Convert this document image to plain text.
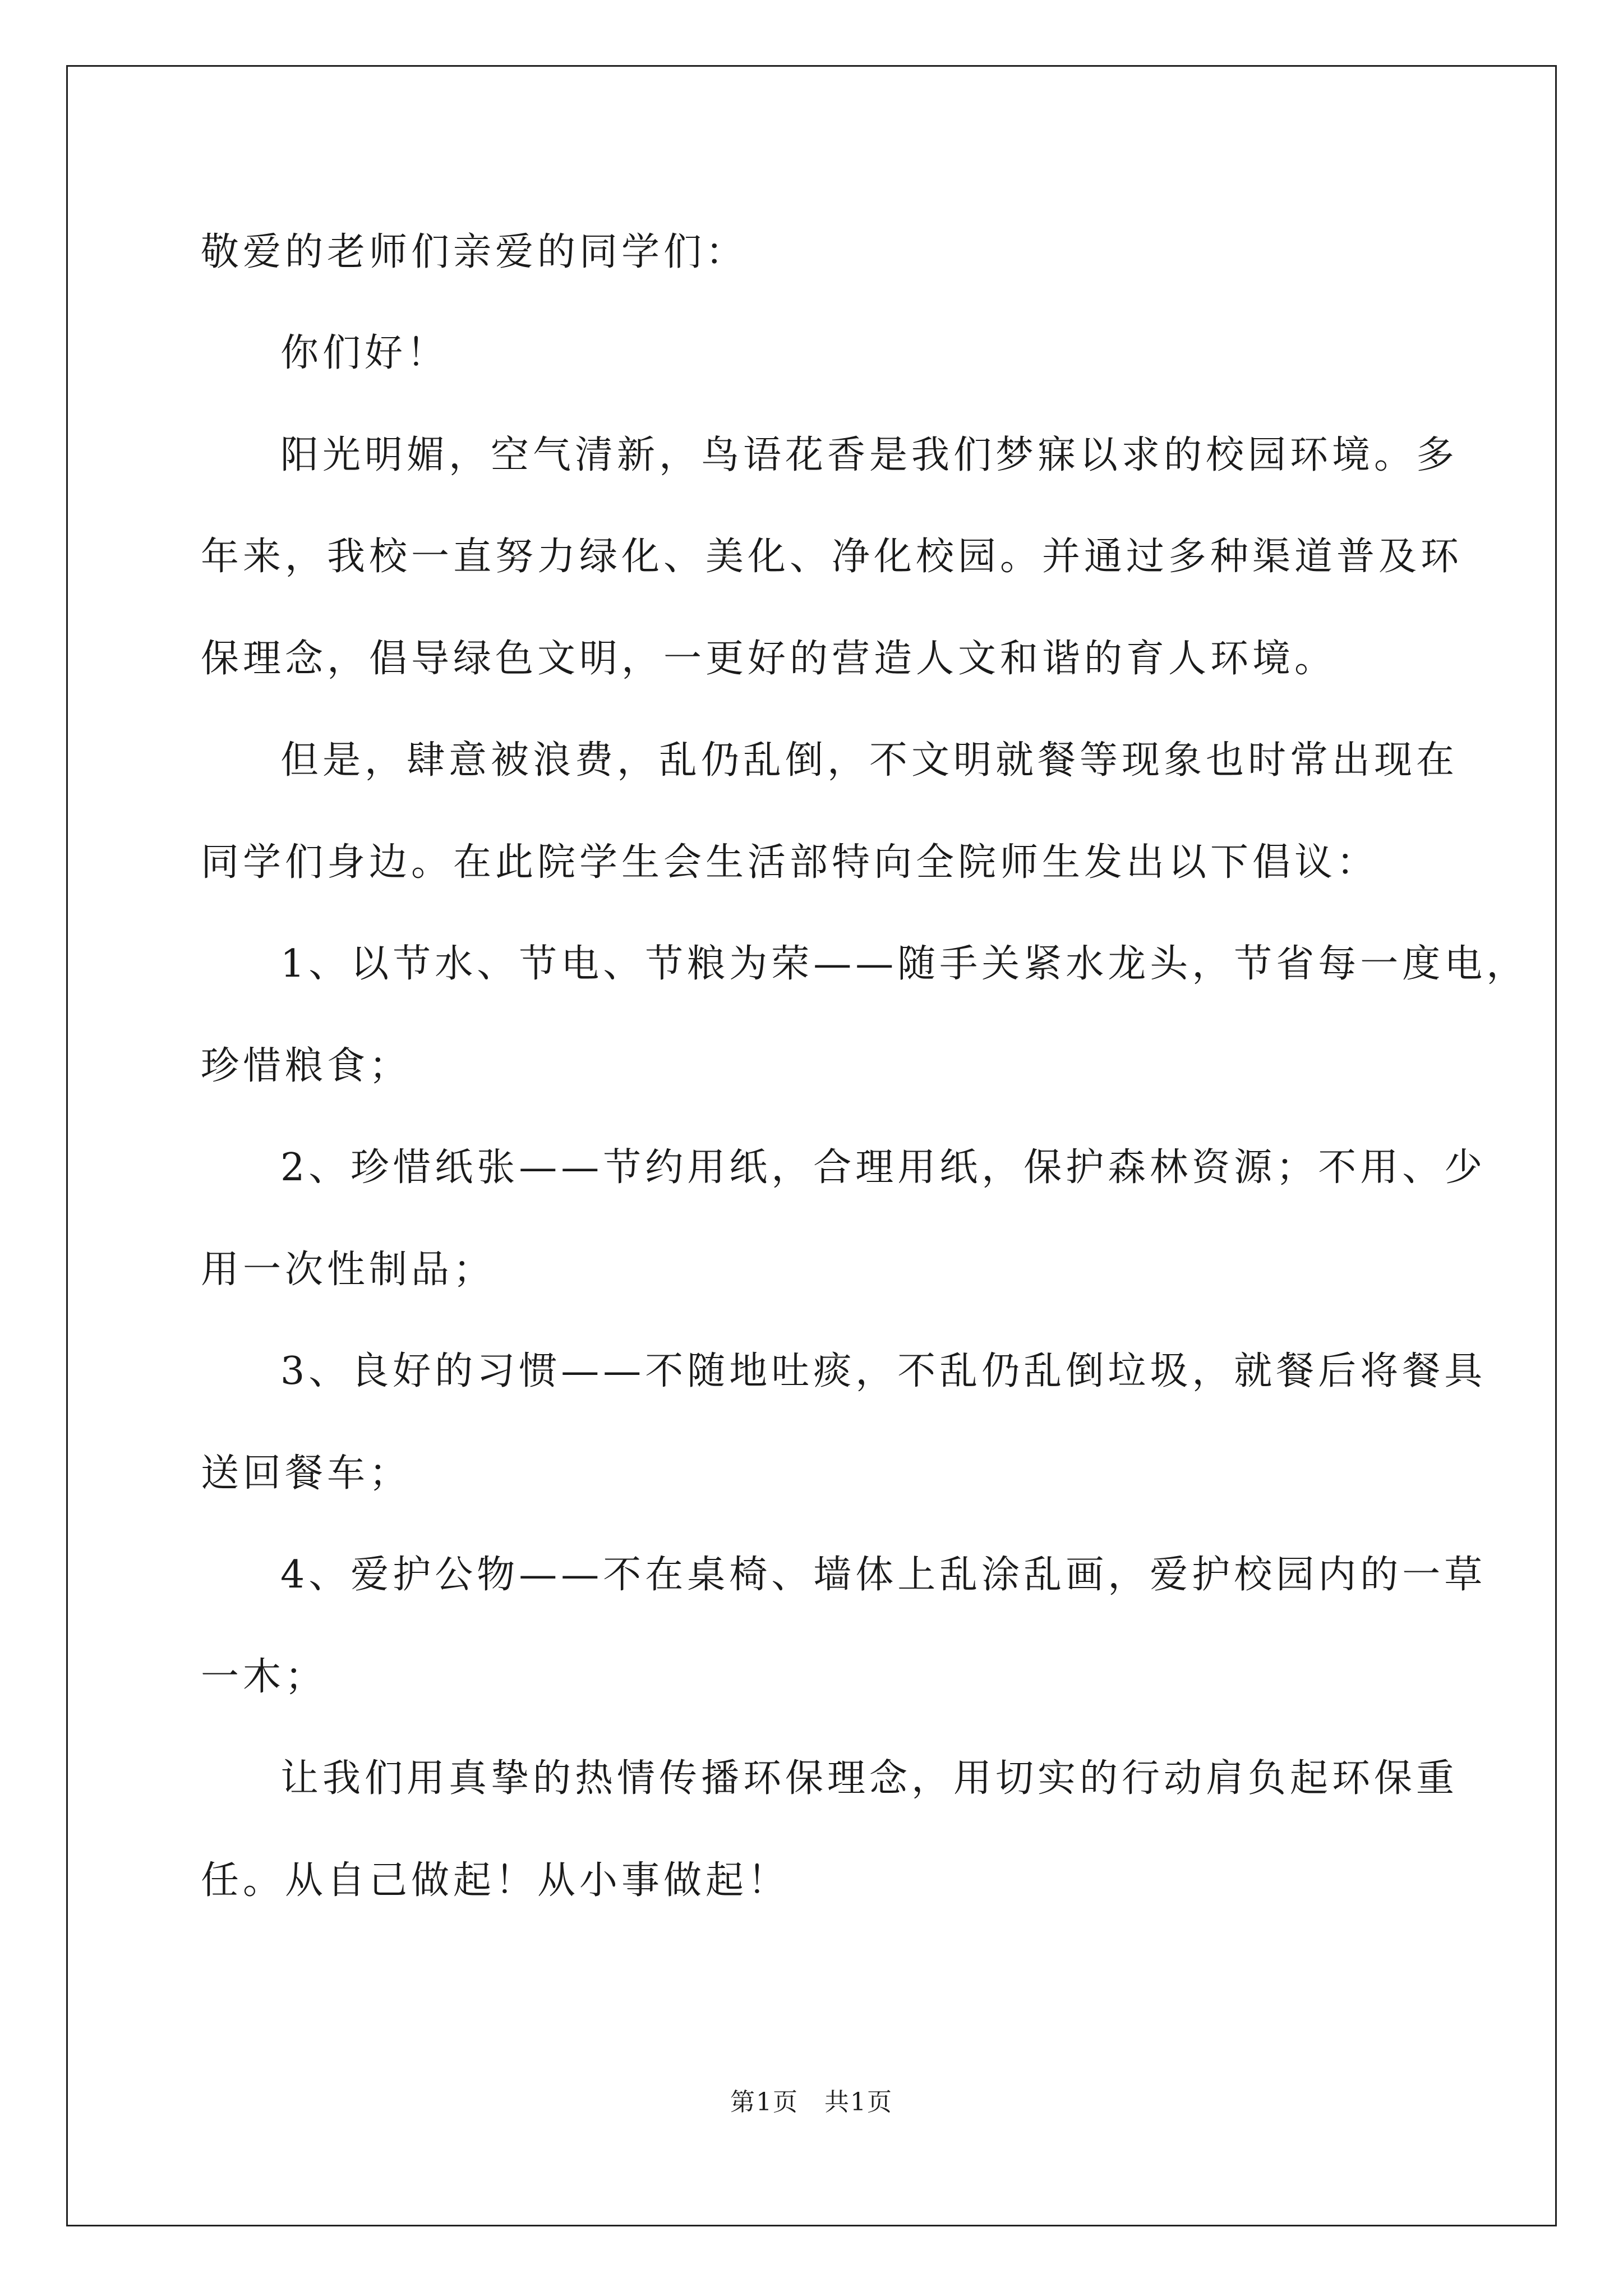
敬爱的老师们亲爱的同学们：
你们好！
阳光明媚，空气清新，鸟语花香是我们梦寐以求的校园环境。多
年来，我校一直努力绿化、美化、净化校园。并通过多种渠道普及环
保理念，倡导绿色文明，一更好的营造人文和谐的育人环境。
但是，肆意被浪费，乱仍乱倒，不文明就餐等现象也时常出现在
同学们身边。在此院学生会生活部特向全院师生发出以下倡议：
1、以节水、节电、节粮为荣——随手关紧水龙头，节省每一度电，
珍惜粮食；
2、珍惜纸张——节约用纸，合理用纸，保护森林资源；不用、少
用一次性制品；
3、良好的习惯——不随地吐痰，不乱仍乱倒垃圾，就餐后将餐具
送回餐车；
4、爱护公物——不在桌椅、墙体上乱涂乱画，爱护校园内的一草
一木；
让我们用真挚的热情传播环保理念，用切实的行动肩负起环保重
任。从自己做起！从小事做起！
第1页　共1页
